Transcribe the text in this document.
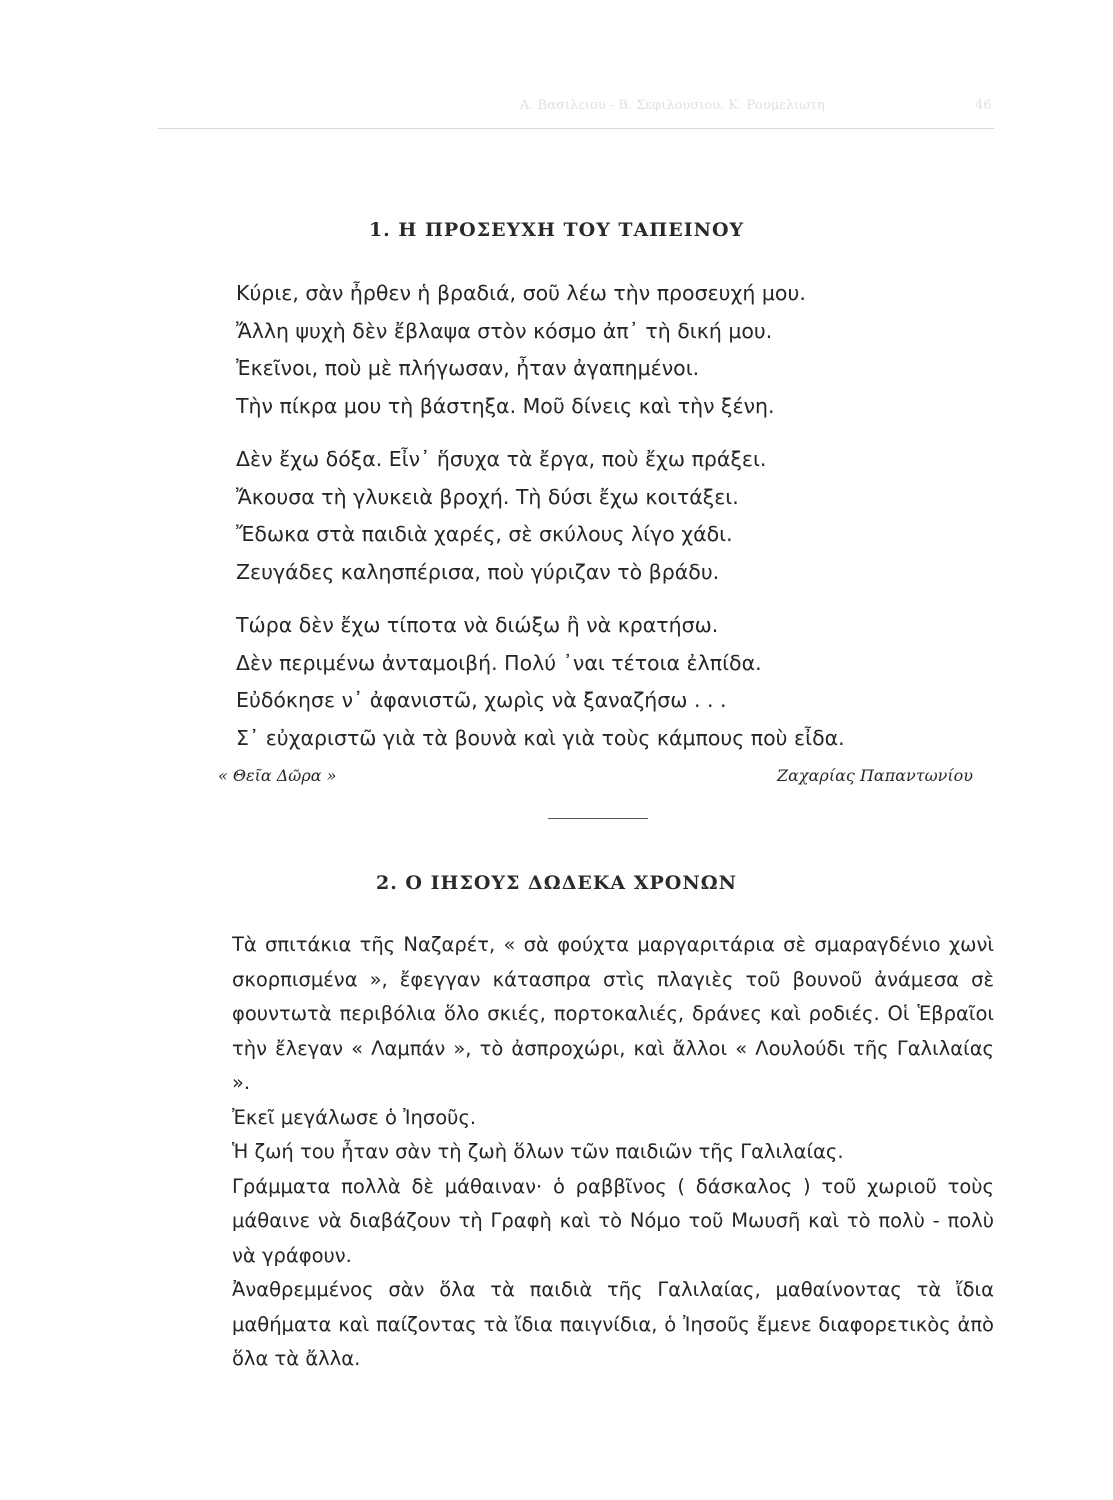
Α. Βασιλειου - Β. Σεφιλουσιου. Κ. Ρουμελιωτη	46
1. Η ΠΡΟΣΕΥΧΗ ΤΟΥ ΤΑΠΕΙΝΟΥ
Κύριε, σὰν ἦρθεν ἡ βραδιά, σοῦ λέω τὴν προσευχή μου.
Ἄλλη ψυχὴ δὲν ἔβλαψα στὸν κόσμο ἀπ᾽ τὴ δική μου.
Ἐκεῖνοι, ποὺ μὲ πλήγωσαν, ἦταν ἀγαπημένοι.
Τὴν πίκρα μου τὴ βάστηξα. Μοῦ δίνεις καὶ τὴν ξένη.
Δὲν ἔχω δόξα. Εἶν᾽ ἥσυχα τὰ ἔργα, ποὺ ἔχω πράξει.
Ἄκουσα τὴ γλυκειὰ βροχή. Τὴ δύσι ἔχω κοιτάξει.
Ἔδωκα στὰ παιδιὰ χαρές, σὲ σκύλους λίγο χάδι.
Ζευγάδες καλησπέρισα, ποὺ γύριζαν τὸ βράδυ.
Τώρα δὲν ἔχω τίποτα νὰ διώξω ἢ νὰ κρατήσω.
Δὲν περιμένω ἀνταμοιβή. Πολύ ᾽ναι τέτοια ἐλπίδα.
Εὐδόκησε ν᾽ ἀφανιστῶ, χωρὶς νὰ ξαναζήσω . . .
Σ᾽ εὐχαριστῶ γιὰ τὰ βουνὰ καὶ γιὰ τοὺς κάμπους ποὺ εἶδα.
« Θεῖα Δῶρα »	Ζαχαρίας Παπαντωνίου
2. Ο ΙΗΣΟΥΣ ΔΩΔΕΚΑ ΧΡΟΝΩΝ

Τὰ σπιτάκια τῆς Ναζαρέτ, « σὰ φούχτα μαργαριτάρια σὲ σμαραγδένιο χωνὶ σκορπισμένα », ἔφεγγαν κάτασπρα στὶς πλαγιὲς τοῦ βουνοῦ ἀνάμεσα σὲ φουντωτὰ περιβόλια ὅλο σκιές, πορτοκαλιές, δράνες καὶ ροδιές. Οἱ Ἑβραῖοι τὴν ἔλεγαν « Λαμπάν », τὸ ἀσπροχώρι, καὶ ἄλλοι « Λουλούδι τῆς Γαλιλαίας ».

Ἐκεῖ μεγάλωσε ὁ Ἰησοῦς.

Ἡ ζωή του ἦταν σὰν τὴ ζωὴ ὅλων τῶν παιδιῶν τῆς Γαλιλαίας.

Γράμματα πολλὰ δὲ μάθαιναν· ὁ ραββῖνος ( δάσκαλος ) τοῦ χωριοῦ τοὺς μάθαινε νὰ διαβάζουν τὴ Γραφὴ καὶ τὸ Νόμο τοῦ Μωυσῆ καὶ τὸ πολὺ - πολὺ νὰ γράφουν.

Ἀναθρεμμένος σὰν ὅλα τὰ παιδιὰ τῆς Γαλιλαίας, μαθαίνοντας τὰ ἴδια μαθήματα καὶ παίζοντας τὰ ἴδια παιγνίδια, ὁ Ἰησοῦς ἔμενε διαφορετικὸς ἀπὸ ὅλα τὰ ἄλλα.
